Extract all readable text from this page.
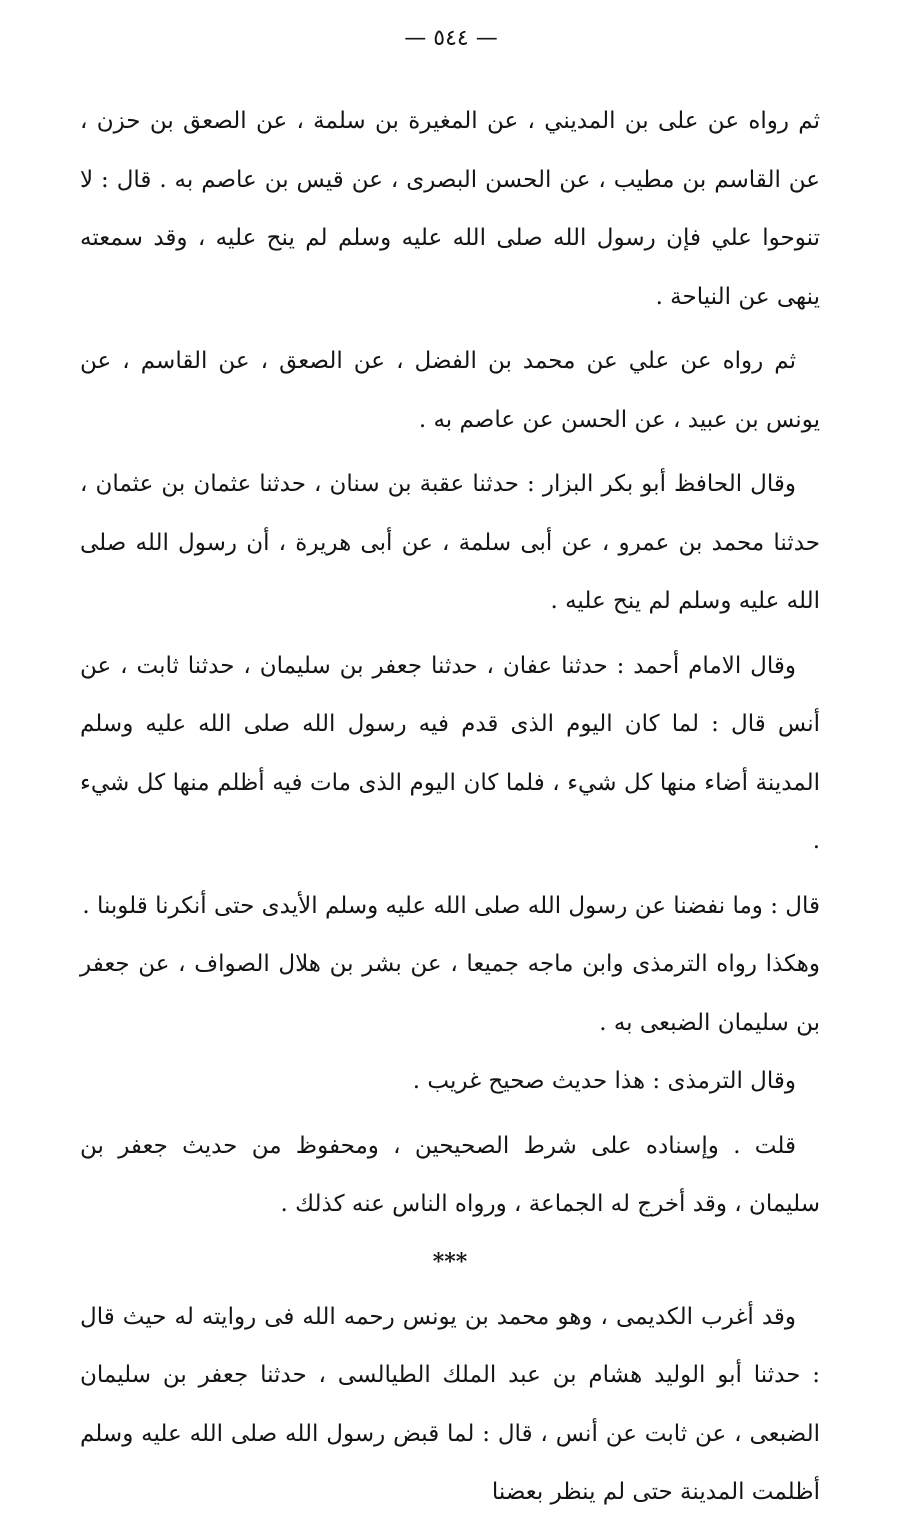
— ٥٤٤ —

ثم رواه عن على بن المديني ، عن المغيرة بن سلمة ، عن الصعق بن حزن ، عن القاسم بن مطيب ، عن الحسن البصرى ، عن قيس بن عاصم به . قال : لا تنوحوا علي فإن رسول الله صلى الله عليه وسلم لم ينح عليه ، وقد سمعته ينهى عن النياحة .

ثم رواه عن علي عن محمد بن الفضل ، عن الصعق ، عن القاسم ، عن يونس بن عبيد ، عن الحسن عن عاصم به .

وقال الحافظ أبو بكر البزار : حدثنا عقبة بن سنان ، حدثنا عثمان بن عثمان ، حدثنا محمد بن عمرو ، عن أبى سلمة ، عن أبى هريرة ، أن رسول الله صلى الله عليه وسلم لم ينح عليه .

وقال الامام أحمد : حدثنا عفان ، حدثنا جعفر بن سليمان ، حدثنا ثابت ، عن أنس قال : لما كان اليوم الذى قدم فيه رسول الله صلى الله عليه وسلم المدينة أضاء منها كل شيء ، فلما كان اليوم الذى مات فيه أظلم منها كل شيء .

قال : وما نفضنا عن رسول الله صلى الله عليه وسلم الأيدى حتى أنكرنا قلوبنا .

وهكذا رواه الترمذى وابن ماجه جميعا ، عن بشر بن هلال الصواف ، عن جعفر بن سليمان الضبعى به .

وقال الترمذى : هذا حديث صحيح غريب .

قلت . وإسناده على شرط الصحيحين ، ومحفوظ من حديث جعفر بن سليمان ، وقد أخرج له الجماعة ، ورواه الناس عنه كذلك .

***

وقد أغرب الكديمى ، وهو محمد بن يونس رحمه الله فى روايته له حيث قال : حدثنا أبو الوليد هشام بن عبد الملك الطيالسى ، حدثنا جعفر بن سليمان الضبعى ، عن ثابت عن أنس ، قال : لما قبض رسول الله صلى الله عليه وسلم أظلمت المدينة حتى لم ينظر بعضنا
